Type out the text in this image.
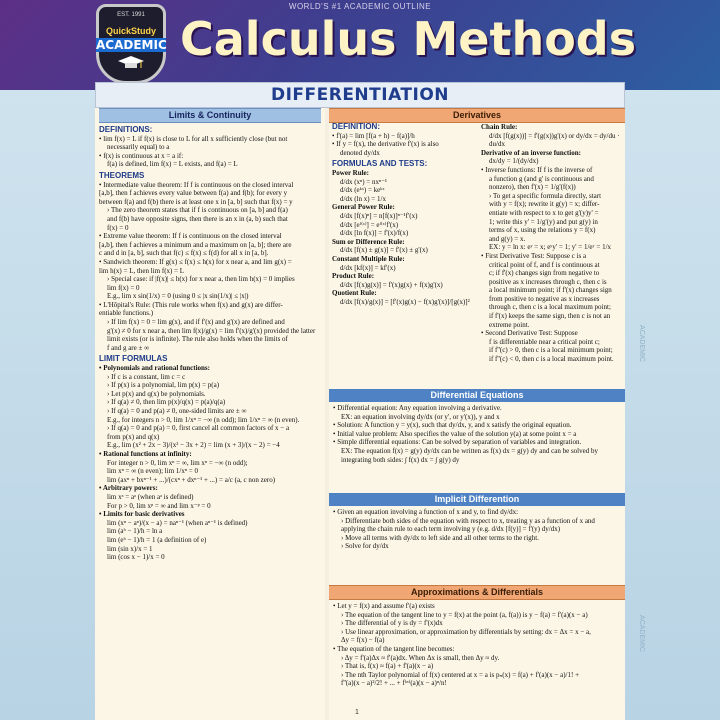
WORLD'S #1 ACADEMIC OUTLINE
EST. 1991
QuickStudy
ACADEMIC Calculus Methods
ACADEMIC
ACADEMIC
DIFFERENTIATION
Limits & Continuity
DEFINITIONS:
• lim f(x) = L if f(x) is close to L for all x sufficiently close (but not
necessarily equal) to a
• f(x) is continuous at x = a if:
f(a) is defined, lim f(x) = L exists, and f(a) = L
THEOREMS
• Intermediate value theorem: If f is continuous on the closed interval
[a,b], then f achieves every value between f(a) and f(b); for every y
between f(a) and f(b) there is at least one x in [a, b] such that f(x) = y
› The zero theorem states that if f is continuous on [a, b] and f(a)
and f(b) have opposite signs, then there is an x in (a, b) such that
f(x) = 0
• Extreme value theorem: If f is continuous on the closed interval
[a,b], then f achieves a minimum and a maximum on [a, b]; there are
c and d in [a, b], such that f(c) ≤ f(x) ≤ f(d) for all x in [a, b].
• Sandwich theorem: If g(x) ≤ f(x) ≤ h(x) for x near a, and lim g(x) =
lim h(x) = L, then lim f(x) = L
› Special case: if |f(x)| ≤ h(x) for x near a, then lim h(x) = 0 implies
lim f(x) = 0
E.g., lim x sin(1/x) = 0 (using 0 ≤ |x sin(1/x)| ≤ |x|)
• L'Hôpital's Rule: (This rule works when f(x) and g(x) are differ-
entiable functions.)
› If lim f(x) = 0 = lim g(x), and if f'(x) and g'(x) are defined and
g'(x) ≠ 0 for x near a, then lim f(x)/g(x) = lim f'(x)/g'(x) provided the latter
limit exists (or is infinite). The rule also holds when the limits of
f and g are ± ∞
LIMIT FORMULAS
• Polynomials and rational functions:
› If c is a constant, lim c = c
› If p(x) is a polynomial, lim p(x) = p(a)
› Let p(x) and q(x) be polynomials.
› If q(a) ≠ 0, then lim p(x)/q(x) = p(a)/q(a)
› If q(a) = 0 and p(a) ≠ 0, one-sided limits are ± ∞
E.g., for integers n > 0, lim 1/xⁿ = −∞ (n odd); lim 1/xⁿ = ∞ (n even).
› If q(a) = 0 and p(a) = 0, first cancel all common factors of x − a
from p(x) and q(x)
E.g., lim (x² + 2x − 3)/(x² − 3x + 2) = lim (x + 3)/(x − 2) = −4
• Rational functions at infinity:
For integer n > 0, lim xⁿ = ∞, lim xⁿ = −∞ (n odd);
lim xⁿ = ∞ (n even); lim 1/xⁿ = 0
lim (axⁿ + bxⁿ⁻¹ + ...)/(cxⁿ + dxⁿ⁻¹ + ...) = a/c (a, c non zero)
• Arbitrary powers:
lim xᵃ = aᵃ (when aᵃ is defined)
For p > 0, lim xᵖ = ∞ and lim x⁻ᵖ = 0
• Limits for basic derivatives
lim (xⁿ − aⁿ)/(x − a) = naⁿ⁻¹ (when aⁿ⁻¹ is defined)
lim (aʰ − 1)/h = ln a
lim (eʰ − 1)/h = 1 (a definition of e)
lim (sin x)/x = 1
lim (cos x − 1)/x = 0
Derivatives
DEFINITION:
• f'(a) = lim [f(a + h) − f(a)]/h
• If y = f(x), the derivative f'(x) is also
denoted dy/dx
FORMULAS AND TESTS:
Power Rule:
d/dx (xⁿ) = nxⁿ⁻¹
d/dx (eᵏˣ) = keᵏˣ
d/dx (ln x) = 1/x
General Power Rule:
d/dx [f(x)ⁿ] = n[f(x)]ⁿ⁻¹f'(x)
d/dx [eᶠ⁽ˣ⁾] = eᶠ⁽ˣ⁾f'(x)
d/dx [ln f(x)] = f'(x)/f(x)
Sum or Difference Rule:
d/dx [f(x) ± g(x)] = f'(x) ± g'(x)
Constant Multiple Rule:
d/dx [kf(x)] = kf'(x)
Product Rule:
d/dx [f(x)g(x)] = f'(x)g(x) + f(x)g'(x)
Quotient Rule:
d/dx [f(x)/g(x)] = [f'(x)g(x) − f(x)g'(x)]/[g(x)]²
Chain Rule:
d/dx [f(g(x))] = f'(g(x))g'(x) or dy/dx = dy/du · du/dx
Derivative of an inverse function:
dx/dy = 1/(dy/dx)
• Inverse functions: If f is the inverse of
a function g (and g' is continuous and
nonzero), then f'(x) = 1/g'(f(x))
› To get a specific formula directly, start
with y = f(x); rewrite it g(y) = x; differ-
entiate with respect to x to get g'(y)y' =
1; write this y' = 1/g'(y) and put g(y) in
terms of x, using the relations y = f(x)
and g(y) = x.
EX: y = ln x: eʸ = x; eʸy' = 1; y' = 1/eʸ = 1/x
• First Derivative Test: Suppose c is a
critical point of f, and f is continuous at
c; if f'(x) changes sign from negative to
positive as x increases through c, then c is
a local minimum point; if f'(x) changes sign
from positive to negative as x increases
through c, then c is a local maximum point;
if f'(x) keeps the same sign, then c is not an
extreme point.
• Second Derivative Test: Suppose
f is differentiable near a critical point c;
if f''(c) > 0, then c is a local minimum point;
if f''(c) < 0, then c is a local maximum point.
Differential Equations
• Differential equation: Any equation involving a derivative.
EX: an equation involving dy/dx (or y', or y'(x)), y and x
• Solution: A function y = y(x), such that dy/dx, y, and x satisfy the original equation.
• Initial value problem: Also specifies the value of the solution y(a) at some point x = a
• Simple differential equations: Can be solved by separation of variables and integration.
EX: The equation f(x) = g(y) dy/dx can be written as f(x) dx = g(y) dy and can be solved by
integrating both sides: ∫ f(x) dx = ∫ g(y) dy
Implicit Differention
• Given an equation involving a function of x and y, to find dy/dx:
› Differentiate both sides of the equation with respect to x, treating y as a function of x and
applying the chain rule to each term involving y (e.g. d/dx [f(y)] = f'(y) dy/dx)
› Move all terms with dy/dx to left side and all other terms to the right.
› Solve for dy/dx
Approximations & Differentials
• Let y = f(x) and assume f'(a) exists
› The equation of the tangent line to y = f(x) at the point (a, f(a)) is y − f(a) = f'(a)(x − a)
› The differential of y is dy = f'(x)dx
› Use linear approximation, or approximation by differentials by setting: dx = Δx = x − a,
Δy = f(x) − f(a)
• The equation of the tangent line becomes:
› Δy = f'(a)Δx ≈ f'(a)dx. When Δx is small, then Δy ≈ dy.
› That is, f(x) ≈ f(a) + f'(a)(x − a)
› The nth Taylor polynomial of f(x) centered at x = a is pₙ(x) = f(a) + f'(a)(x − a)/1! +
f''(a)(x − a)²/2! + ... + f⁽ⁿ⁾(a)(x − a)ⁿ/n!
1
